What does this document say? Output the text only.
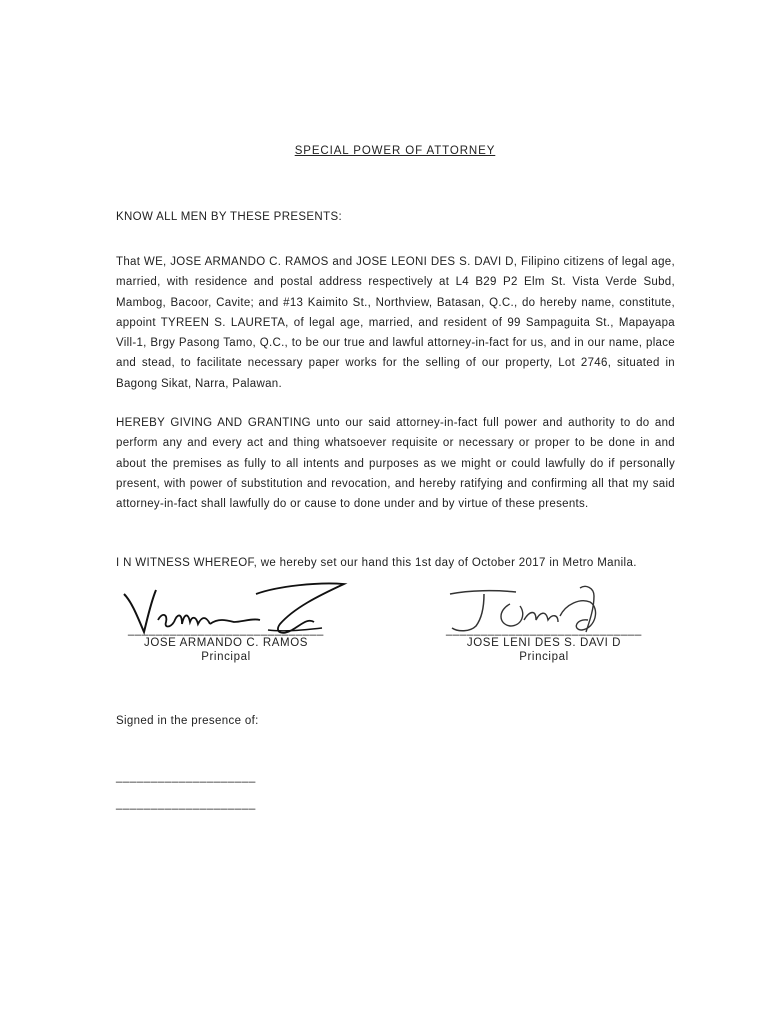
SPECIAL POWER OF ATTORNEY
KNOW ALL MEN BY THESE PRESENTS:

That WE, JOSE ARMANDO C. RAMOS and JOSE LEONI DES S. DAVI D, Filipino citizens of legal age, married, with residence and postal address respectively at L4 B29 P2 Elm St. Vista Verde Subd, Mambog, Bacoor, Cavite; and #13 Kaimito St., Northview, Batasan, Q.C., do hereby name, constitute, appoint TYREEN S. LAURETA, of legal age, married, and resident of 99 Sampaguita St., Mapayapa Vill-1, Brgy Pasong Tamo, Q.C., to be our true and lawful attorney-in-fact for us, and in our name, place and stead, to facilitate necessary paper works for the selling of our property, Lot 2746, situated in Bagong Sikat, Narra, Palawan.

HEREBY GIVING AND GRANTING unto our said attorney-in-fact full power and authority to do and perform any and every act and thing whatsoever requisite or necessary or proper to be done in and about the premises as fully to all intents and purposes as we might or could lawfully do if personally present, with power of substitution and revocation, and hereby ratifying and confirming all that my said attorney-in-fact shall lawfully do or cause to done under and by virtue of these presents.

I N WITNESS WHEREOF, we hereby set our hand this 1st day of October 2017 in Metro Manila.
____________________________
JOSE ARMANDO C. RAMOS
Principal
____________________________
JOSE LENI DES S. DAVI D
Principal
Signed in the presence of:
____________________
____________________
